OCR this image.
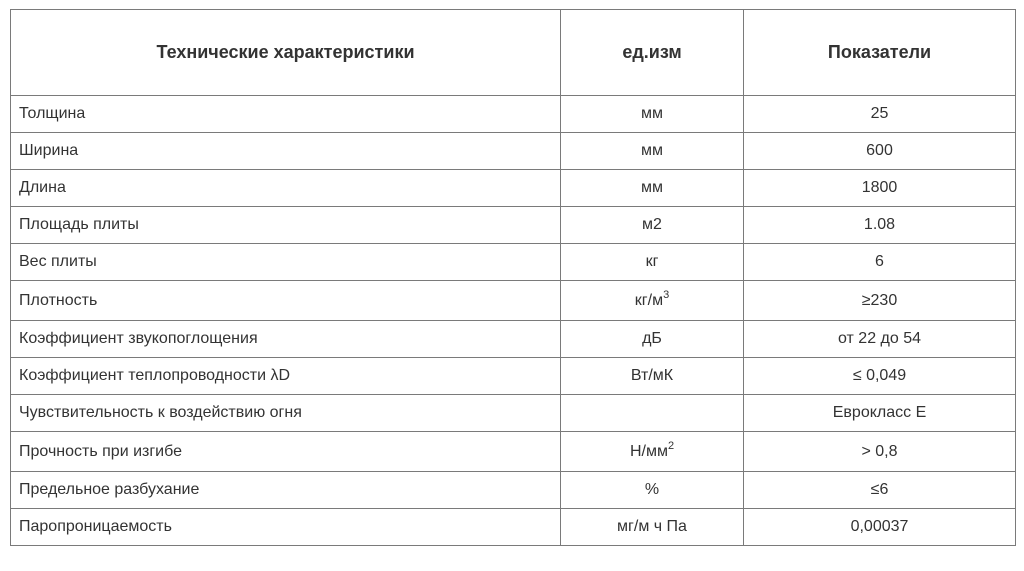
Технические характеристики	ед.изм	Показатели
Толщина	мм	25
Ширина	мм	600
Длина	мм	1800
Площадь плиты	м2	1.08
Вес плиты	кг	6
Плотность	$кг/м^3$	≥230
Коэффициент звукопоглощения	дБ	от 22 до 54
Коэффициент теплопроводности λD	Вт/мК	≤ 0,049
Чувствительность к воздействию огня		Еврокласс Е
Прочность при изгибе	$Н/мм^2$	> 0,8
Предельное разбухание	%	≤6
Паропроницаемость	мг/м ч Па	0,00037
